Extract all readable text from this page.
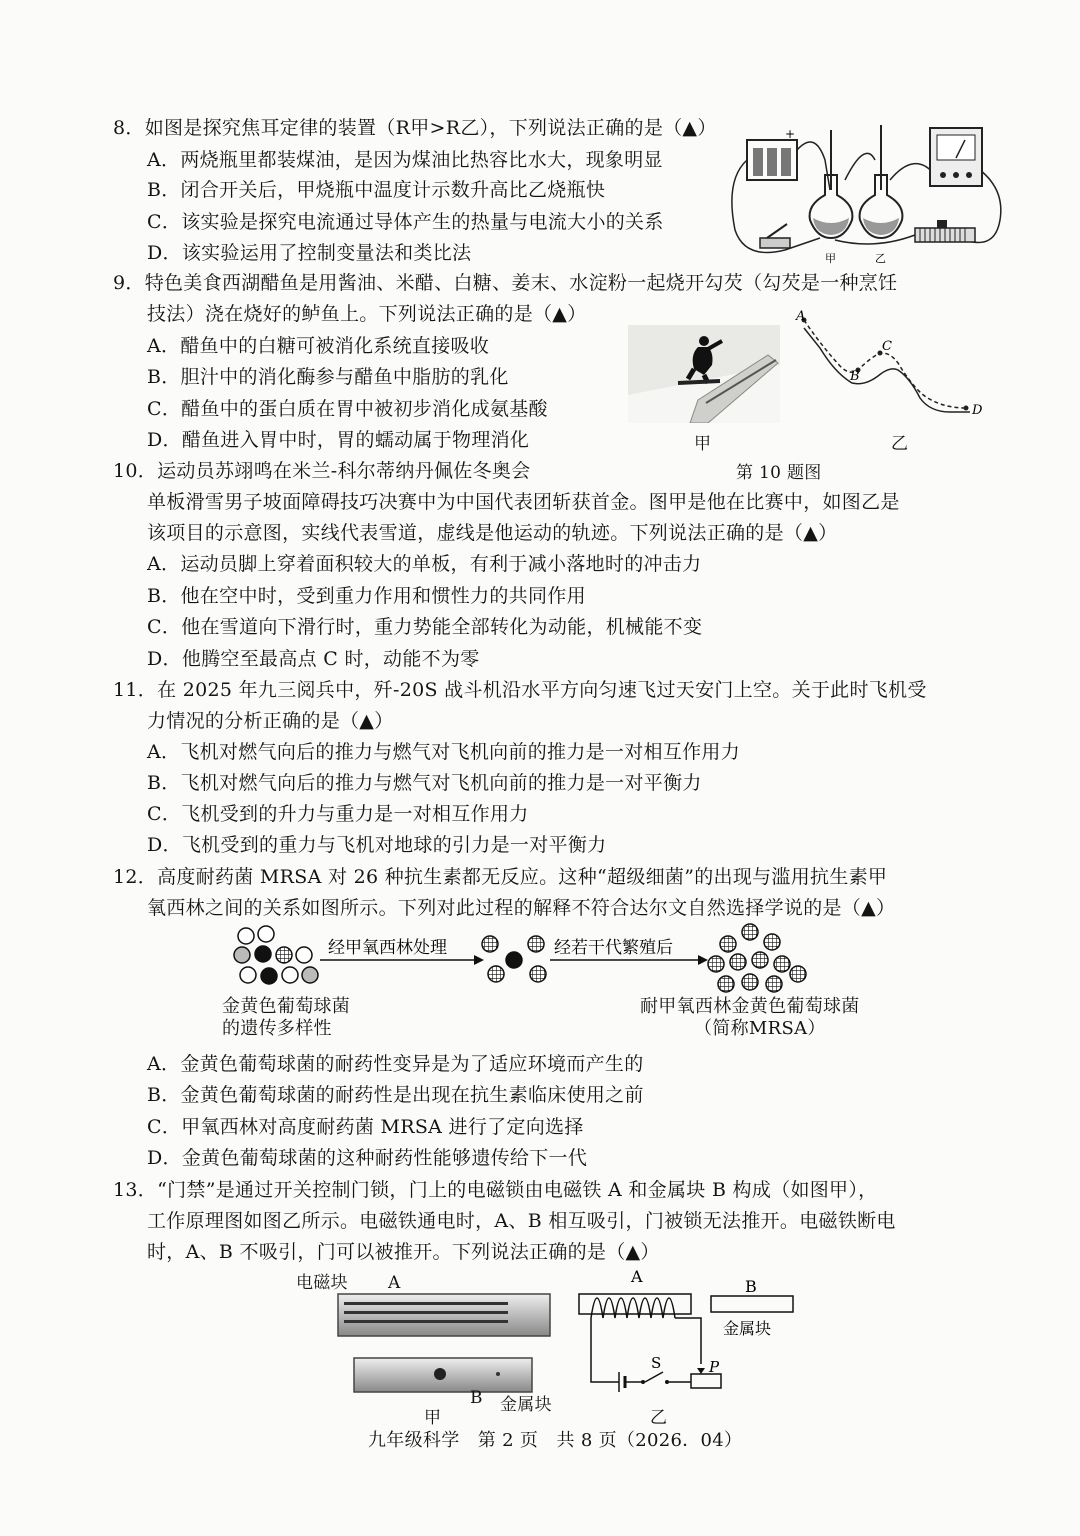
8．如图是探究焦耳定律的装置（R甲>R乙），下列说法正确的是（▲）
A．两烧瓶里都装煤油，是因为煤油比热容比水大，现象明显
B．闭合开关后，甲烧瓶中温度计示数升高比乙烧瓶快
C．该实验是探究电流通过导体产生的热量与电流大小的关系
D．该实验运用了控制变量法和类比法
+
甲	乙
9．特色美食西湖醋鱼是用酱油、米醋、白糖、姜末、水淀粉一起烧开勾芡（勾芡是一种烹饪
技法）浇在烧好的鲈鱼上。下列说法正确的是（▲）
A．醋鱼中的白糖可被消化系统直接吸收
B．胆汁中的消化酶参与醋鱼中脂肪的乳化
C．醋鱼中的蛋白质在胃中被初步消化成氨基酸
D．醋鱼进入胃中时，胃的蠕动属于物理消化	甲
A
B
C
D
乙
10．运动员苏翊鸣在米兰-科尔蒂纳丹佩佐冬奥会	第 10 题图
单板滑雪男子坡面障碍技巧决赛中为中国代表团斩获首金。图甲是他在比赛中，如图乙是
该项目的示意图，实线代表雪道，虚线是他运动的轨迹。下列说法正确的是（▲）
A．运动员脚上穿着面积较大的单板，有利于减小落地时的冲击力
B．他在空中时，受到重力作用和惯性力的共同作用
C．他在雪道向下滑行时，重力势能全部转化为动能，机械能不变
D．他腾空至最高点 C 时，动能不为零
11．在 2025 年九三阅兵中，歼-20S 战斗机沿水平方向匀速飞过天安门上空。关于此时飞机受
力情况的分析正确的是（▲）
A．飞机对燃气向后的推力与燃气对飞机向前的推力是一对相互作用力
B．飞机对燃气向后的推力与燃气对飞机向前的推力是一对平衡力
C．飞机受到的升力与重力是一对相互作用力
D．飞机受到的重力与飞机对地球的引力是一对平衡力
12．高度耐药菌 MRSA 对 26 种抗生素都无反应。这种“超级细菌”的出现与滥用抗生素甲
氧西林之间的关系如图所示。下列对此过程的解释不符合达尔文自然选择学说的是（▲）
经甲氧西林处理	经若干代繁殖后
金黄色葡萄球菌
的遗传多样性
耐甲氧西林金黄色葡萄球菌
（简称MRSA）
A．金黄色葡萄球菌的耐药性变异是为了适应环境而产生的
B．金黄色葡萄球菌的耐药性是出现在抗生素临床使用之前
C．甲氧西林对高度耐药菌 MRSA 进行了定向选择
D．金黄色葡萄球菌的这种耐药性能够遗传给下一代
13．“门禁”是通过开关控制门锁，门上的电磁锁由电磁铁 A 和金属块 B 构成（如图甲），
工作原理图如图乙所示。电磁铁通电时，A、B 相互吸引，门被锁无法推开。电磁铁断电
时，A、B 不吸引，门可以被推开。下列说法正确的是（▲）
电磁块 A
B 金属块
甲
A
S	P
B
金属块
乙
九年级科学　第 2 页　共 8 页（2026．04）
